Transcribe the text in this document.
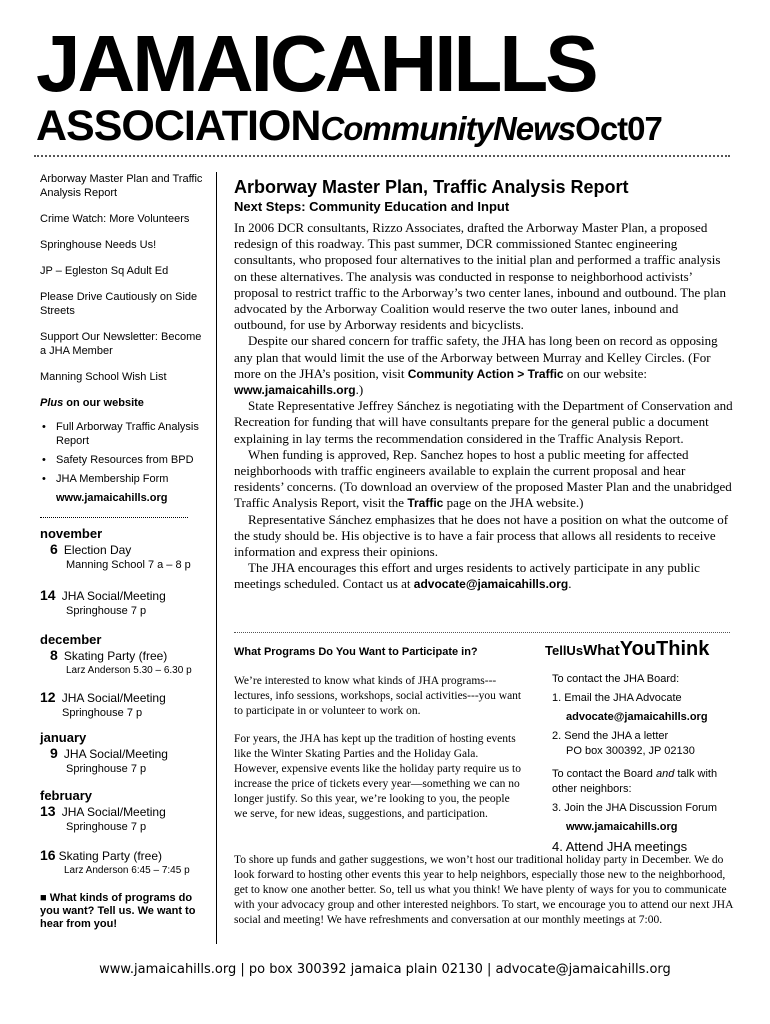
JAMAICAHILLS
ASSOCIATIONCommunityNewsOct07
Arborway Master Plan and Traffic Analysis Report
Crime Watch: More Volunteers
Springhouse Needs Us!
JP – Egleston Sq Adult Ed
Please Drive Cautiously on Side Streets
Support Our Newsletter: Become a JHA Member
Manning School Wish List
Plus on our website
• Full Arborway Traffic Analysis Report
• Safety Resources from BPD
• JHA Membership Form
www.jamaicahills.org
november
6 Election Day
Manning School 7 a – 8 p
14 JHA Social/Meeting
Springhouse 7 p
december
8 Skating Party (free)
Larz Anderson 5.30 – 6.30 p
12 JHA Social/Meeting
Springhouse 7 p
january
9 JHA Social/Meeting
Springhouse 7 p
february
13 JHA Social/Meeting
Springhouse 7 p
16 Skating Party (free)
Larz Anderson 6:45 – 7:45 p
■ What kinds of programs do you want? Tell us. We want to hear from you!
Arborway Master Plan, Traffic Analysis Report
Next Steps: Community Education and Input

In 2006 DCR consultants, Rizzo Associates, drafted the Arborway Master Plan, a proposed redesign of this roadway. This past summer, DCR commissioned Stantec engineering consultants, who proposed four alternatives to the initial plan and performed a traffic analysis on these alternatives. The analysis was conducted in response to neighborhood activists’ proposal to restrict traffic to the Arborway’s two center lanes, inbound and outbound. The plan advocated by the Arborway Coalition would reserve the two outer lanes, inbound and outbound, for use by Arborway residents and bicyclists.

Despite our shared concern for traffic safety, the JHA has long been on record as opposing any plan that would limit the use of the Arborway between Murray and Kelley Circles. (For more on the JHA’s position, visit Community Action > Traffic on our website: www.jamaicahills.org.)

State Representative Jeffrey Sánchez is negotiating with the Department of Conservation and Recreation for funding that will have consultants prepare for the general public a document explaining in lay terms the recommendation considered in the Traffic Analysis Report.

When funding is approved, Rep. Sanchez hopes to host a public meeting for affected neighborhoods with traffic engineers available to explain the current proposal and hear residents’ concerns. (To download an overview of the proposed Master Plan and the unabridged Traffic Analysis Report, visit the Traffic page on the JHA website.)

Representative Sánchez emphasizes that he does not have a position on what the outcome of the study should be. His objective is to have a fair process that allows all residents to receive information and express their opinions.

The JHA encourages this effort and urges residents to actively participate in any public meetings scheduled. Contact us at advocate@jamaicahills.org.

What Programs Do You Want to Participate in?

We’re interested to know what kinds of JHA programs---lectures, info sessions, workshops, social activities---you want to participate in or volunteer to work on.

For years, the JHA has kept up the tradition of hosting events like the Winter Skating Parties and the Holiday Gala. However, expensive events like the holiday party require us to increase the price of tickets every year—something we can no longer justify. So this year, we’re looking to you, the people we serve, for new ideas, suggestions, and participation.

TellUsWhatYouThink
To contact the JHA Board:
1. Email the JHA Advocate
advocate@jamaicahills.org
2. Send the JHA a letter
PO box 300392, JP 02130
To contact the Board and talk with other neighbors:
3. Join the JHA Discussion Forum
www.jamaicahills.org
4. Attend JHA meetings
To shore up funds and gather suggestions, we won’t host our traditional holiday party in December. We do look forward to hosting other events this year to help neighbors, especially those new to the neighborhood, get to know one another better. So, tell us what you think! We have plenty of ways for you to communicate with your advocacy group and other interested neighbors. To start, we encourage you to attend our next JHA social and meeting! We have refreshments and conversation at our monthly meetings at 7:00.
www.jamaicahills.org | po box 300392 jamaica plain 02130 | advocate@jamaicahills.org
